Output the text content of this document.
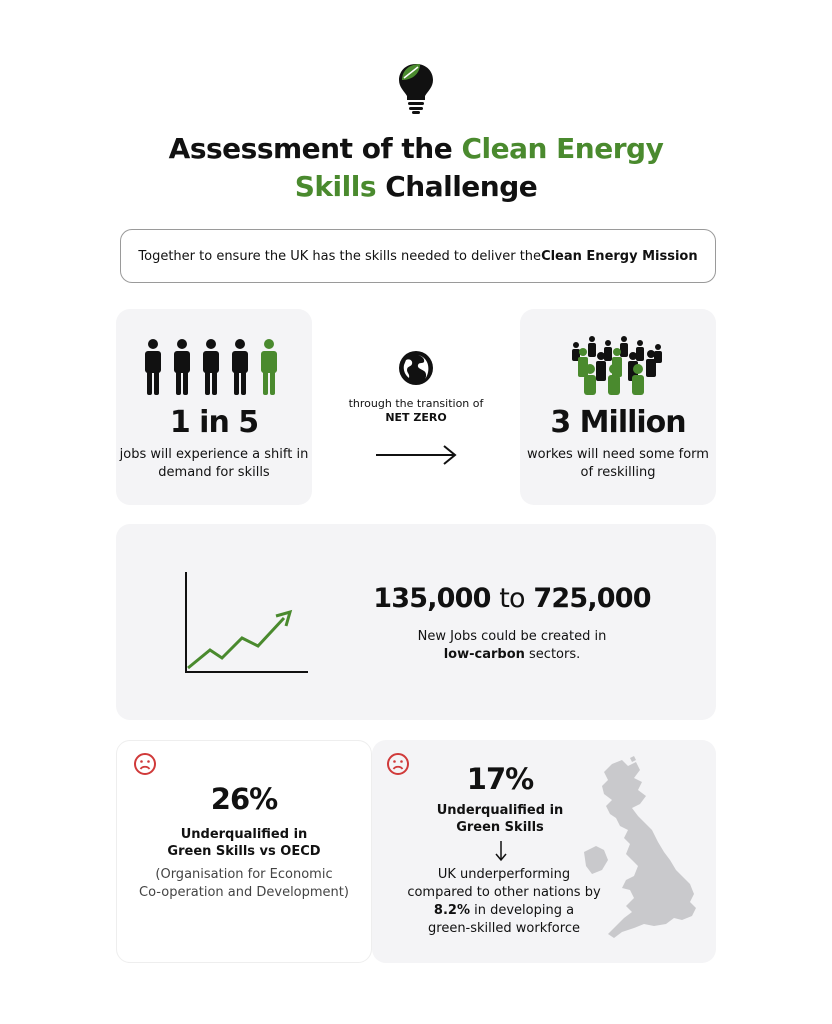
Assessment of the Clean Energy
Skills Challenge
Together to ensure the UK has the skills needed to deliver the Clean Energy Mission
1 in 5
jobs will experience a shift in demand for skills
through the transition of
NET ZERO	3 Million
workes will need some form of reskilling
135,000 to 725,000
New Jobs could be created in
low-carbon sectors.
26%
Underqualified in
Green Skills vs OECD
(Organisation for Economic
Co-operation and Development)
17%
Underqualified in
Green Skills
UK underperforming
compared to other nations by
8.2% in developing a
green-skilled workforce
